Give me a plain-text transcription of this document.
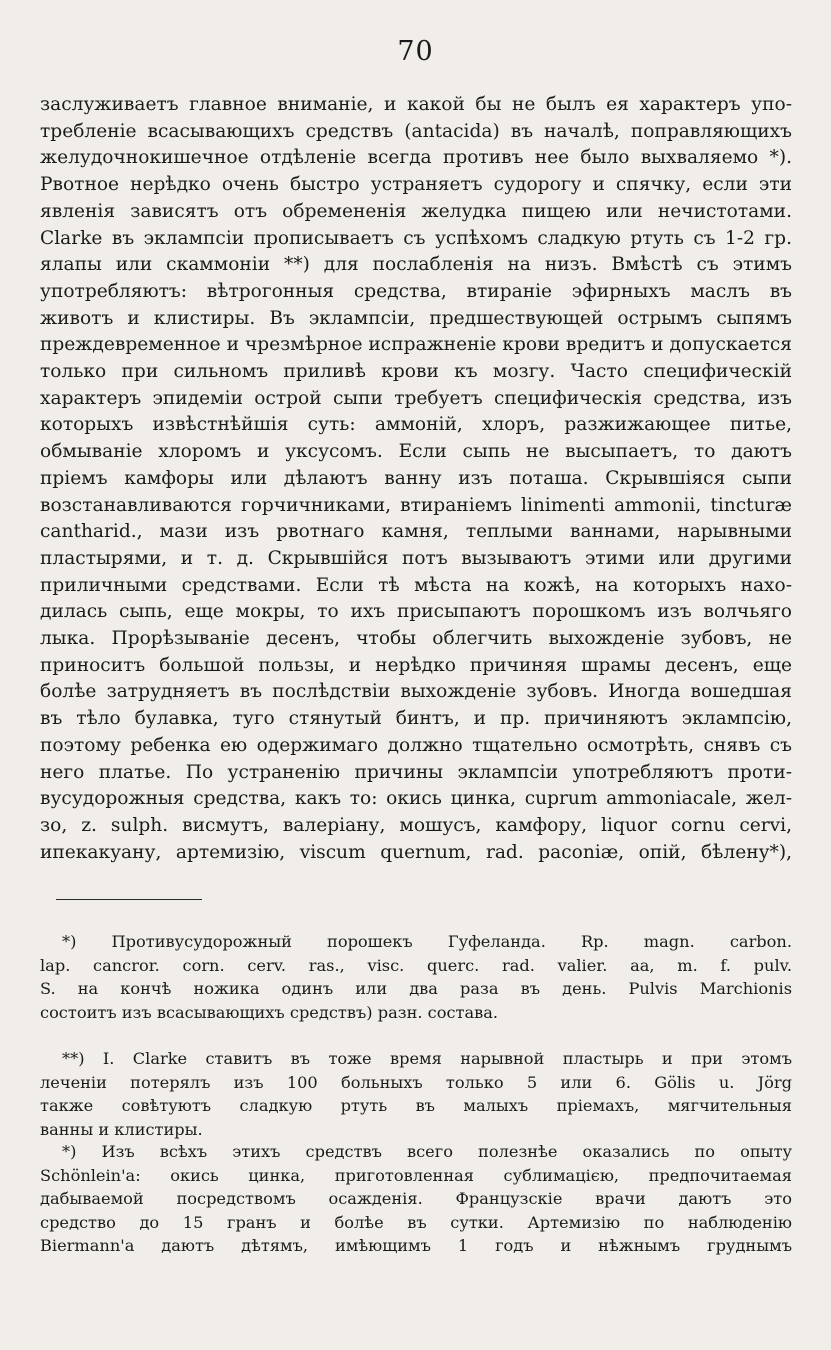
70
заслуживаетъ главное вниманіе, и какой бы не былъ ея характеръ упо-
требленіе всасывающихъ средствъ (antacida) въ началѣ, поправляющихъ
желудочнокишечное отдѣленіе всегда противъ нее было выхваляемо *).
Рвотное нерѣдко очень быстро устраняетъ судорогу и спячку, если эти
явленія зависятъ отъ обремененія желудка пищею или нечистотами.
Clarke въ эклампсіи прописываетъ съ успѣхомъ сладкую ртуть съ 1-2 гр.
ялапы или скаммоніи **) для послабленія на низъ. Вмѣстѣ съ этимъ
употребляютъ: вѣтрогонныя средства, втираніе эфирныхъ маслъ въ
животъ и клистиры. Въ эклампсіи, предшествующей острымъ сыпямъ
преждевременное и чрезмѣрное испражненіе крови вредитъ и допускается
только при сильномъ приливѣ крови къ мозгу. Часто специфическій
характеръ эпидеміи острой сыпи требуетъ специфическія средства, изъ
которыхъ извѣстнѣйшія суть: аммоній, хлоръ, разжижающее питье,
обмываніе хлоромъ и уксусомъ. Если сыпь не высыпаетъ, то даютъ
пріемъ камфоры или дѣлаютъ ванну изъ поташа. Скрывшіяся сыпи
возстанавливаются горчичниками, втираніемъ linimenti ammonii, tincturæ
cantharid., мази изъ рвотнаго камня, теплыми ваннами, нарывными
пластырями, и т. д. Скрывшійся потъ вызываютъ этими или другими
приличными средствами. Если тѣ мѣста на кожѣ, на которыхъ нахо-
дилась сыпь, еще мокры, то ихъ присыпаютъ порошкомъ изъ волчьяго
лыка. Прорѣзываніе десенъ, чтобы облегчить выхожденіе зубовъ, не
приноситъ большой пользы, и нерѣдко причиняя шрамы десенъ, еще
болѣе затрудняетъ въ послѣдствіи выхожденіе зубовъ. Иногда вошедшая
въ тѣло булавка, туго стянутый бинтъ, и пр. причиняютъ эклампсію,
поэтому ребенка ею одержимаго должно тщательно осмотрѣть, снявъ съ
него платье. По устраненію причины эклампсіи употребляютъ проти-
вусудорожныя средства, какъ то: окись цинка, cuprum ammoniacale, жел-
зо, z. sulph. висмутъ, валеріану, мошусъ, камфору, liquor cornu cervi,
ипекакуану, артемизію, viscum quernum, rad. paconiæ, опій, бѣлену*),
*) Противусудорожный порошекъ Гуфеланда. Rp. magn. carbon.
lap. cancror. corn. cerv. ras., visc. querc. rad. valier. aa, m. f. pulv.
S. на кончѣ ножика одинъ или два раза въ день. Pulvis Marchionis
состоитъ изъ всасывающихъ средствъ) разн. состава.
**) I. Clarke ставитъ въ тоже время нарывной пластырь и при этомъ
леченіи потерялъ изъ 100 больныхъ только 5 или 6. Gölis u. Jörg
также совѣтуютъ сладкую ртуть въ малыхъ пріемахъ, мягчительныя
ванны и клистиры.
*) Изъ всѣхъ этихъ средствъ всего полезнѣе оказались по опыту
Schönlein'а: окись цинка, приготовленная сублимацією, предпочитаемая
дабываемой посредствомъ осажденія. Французскіе врачи даютъ это
средство до 15 гранъ и болѣе въ сутки. Артемизію по наблюденію
Biermann'а даютъ дѣтямъ, имѣющимъ 1 годъ и нѣжнымъ груднымъ
